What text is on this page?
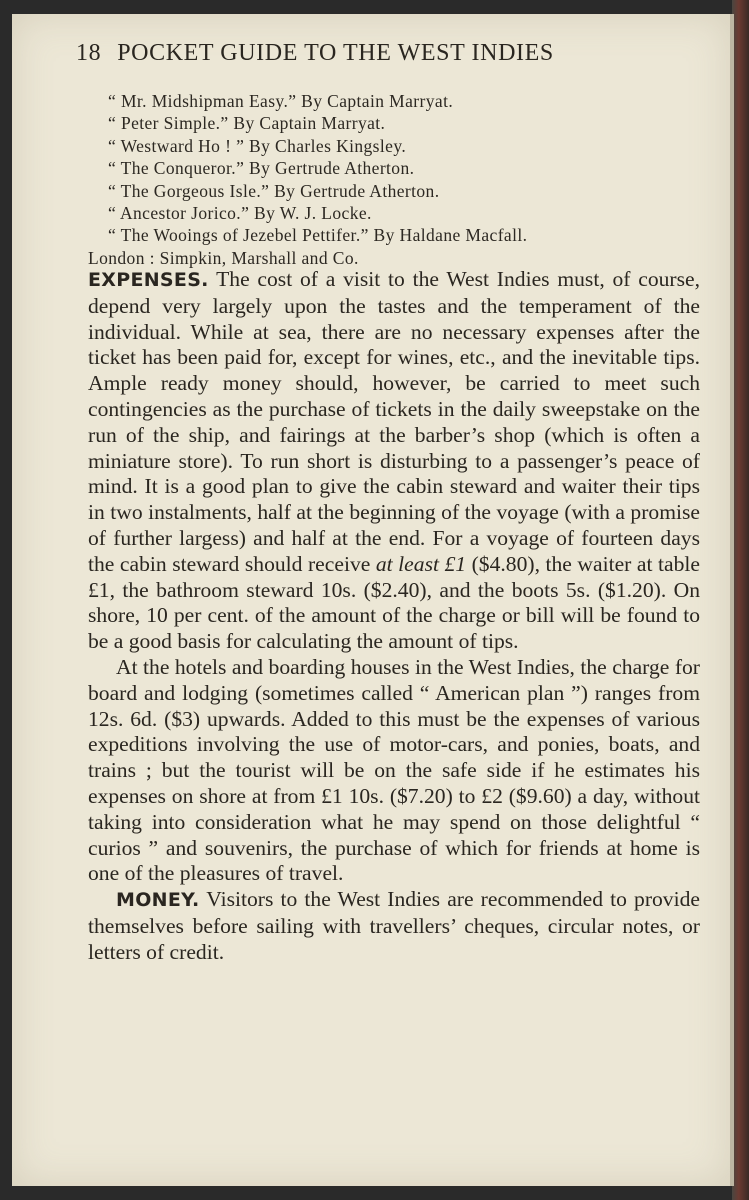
18 POCKET GUIDE TO THE WEST INDIES
“ Mr. Midshipman Easy.” By Captain Marryat.
“ Peter Simple.” By Captain Marryat.
“ Westward Ho ! ” By Charles Kingsley.
“ The Conqueror.” By Gertrude Atherton.
“ The Gorgeous Isle.” By Gertrude Atherton.
“ Ancestor Jorico.” By W. J. Locke.
“ The Wooings of Jezebel Pettifer.” By Haldane Macfall.
London : Simpkin, Marshall and Co.

EXPENSES. The cost of a visit to the West Indies must, of course, depend very largely upon the tastes and the temperament of the individual. While at sea, there are no necessary expenses after the ticket has been paid for, except for wines, etc., and the inevitable tips. Ample ready money should, however, be carried to meet such contingencies as the purchase of tickets in the daily sweepstake on the run of the ship, and fairings at the barber’s shop (which is often a miniature store). To run short is disturbing to a passenger’s peace of mind. It is a good plan to give the cabin steward and waiter their tips in two instalments, half at the beginning of the voyage (with a promise of further largess) and half at the end. For a voyage of fourteen days the cabin steward should receive at least £1 ($4.80), the waiter at table £1, the bathroom steward 10s. ($2.40), and the boots 5s. ($1.20). On shore, 10 per cent. of the amount of the charge or bill will be found to be a good basis for calculating the amount of tips.

At the hotels and boarding houses in the West Indies, the charge for board and lodging (sometimes called “ American plan ”) ranges from 12s. 6d. ($3) upwards. Added to this must be the expenses of various expeditions involving the use of motor-cars, and ponies, boats, and trains ; but the tourist will be on the safe side if he estimates his expenses on shore at from £1 10s. ($7.20) to £2 ($9.60) a day, without taking into consideration what he may spend on those delightful “ curios ” and souvenirs, the purchase of which for friends at home is one of the pleasures of travel.

MONEY. Visitors to the West Indies are recommended to provide themselves before sailing with travellers’ cheques, circular notes, or letters of credit.
